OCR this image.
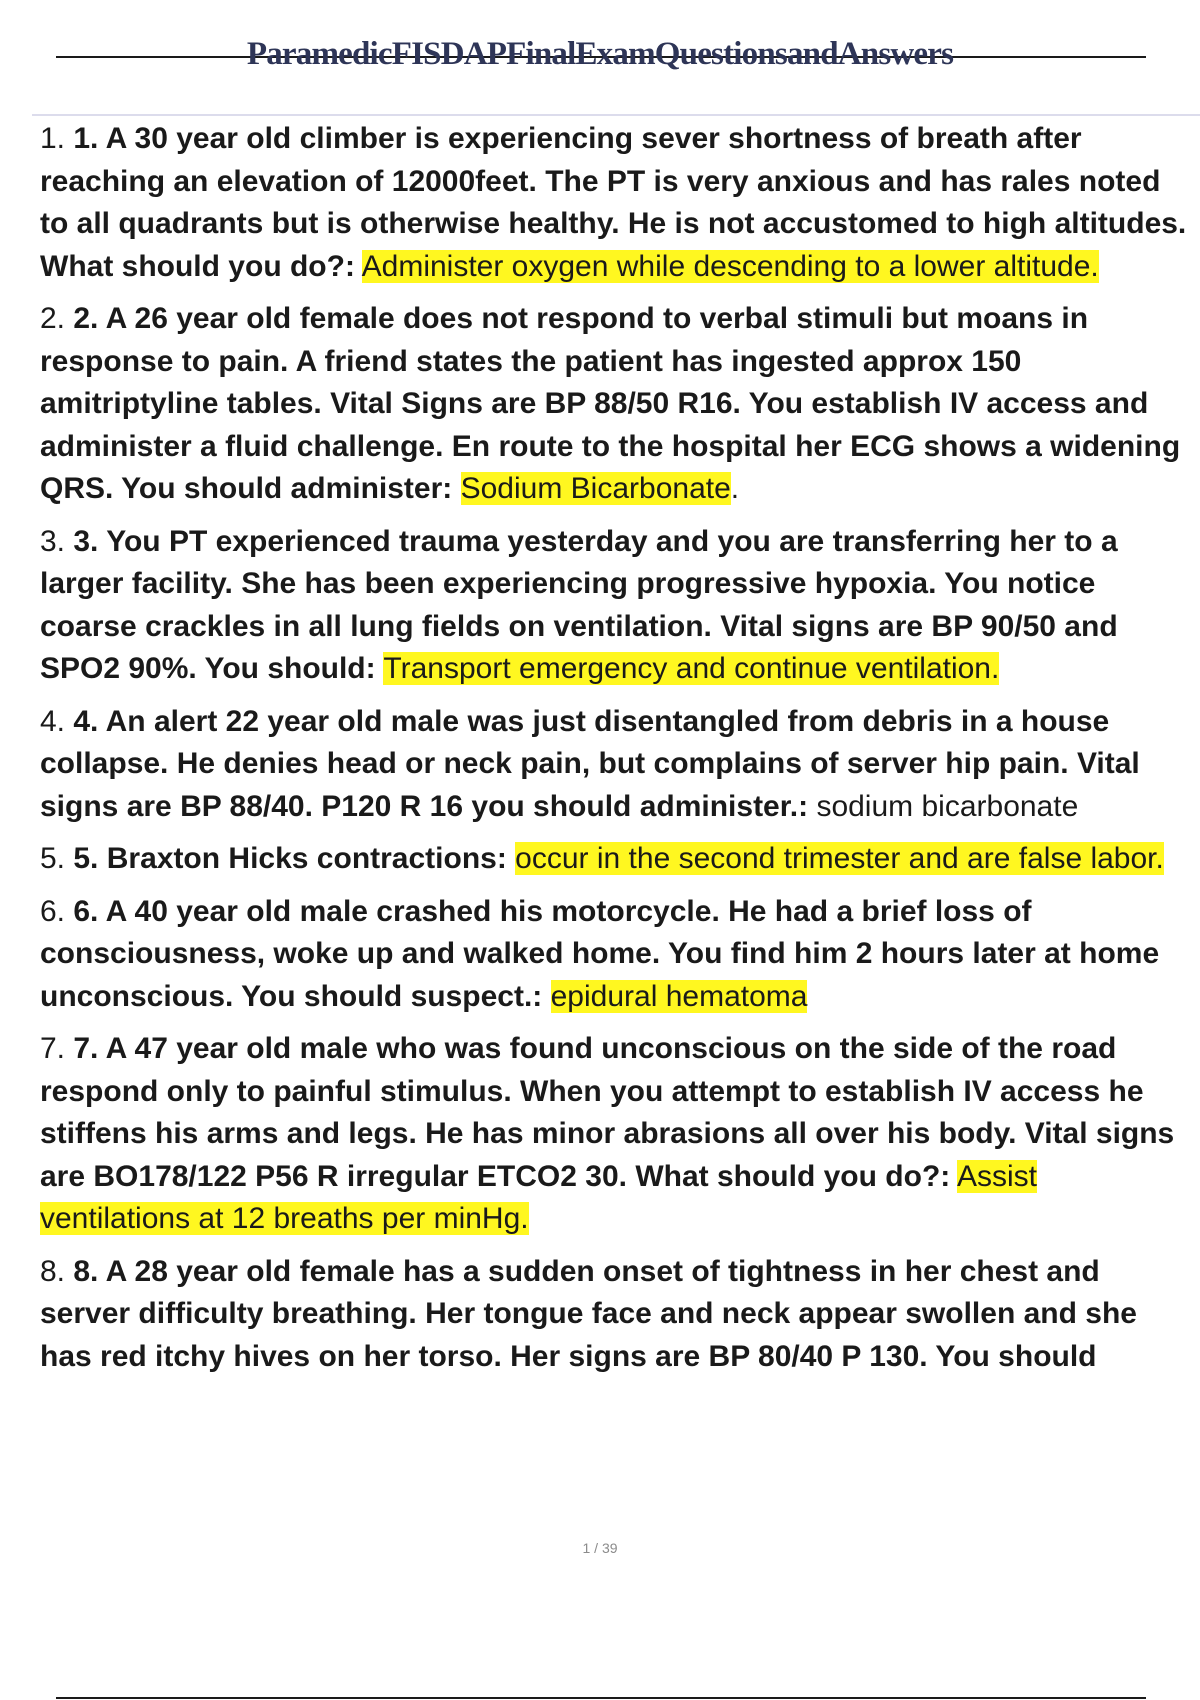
ParamedicFISDAPFinalExamQuestionsandAnswers
1. 1. A 30 year old climber is experiencing sever shortness of breath after reaching an elevation of 12000feet. The PT is very anxious and has rales noted to all quadrants but is otherwise healthy. He is not accustomed to high altitudes. What should you do?: Administer oxygen while descending to a lower altitude.
2. 2. A 26 year old female does not respond to verbal stimuli but moans in response to pain. A friend states the patient has ingested approx 150 amitriptyline tables. Vital Signs are BP 88/50 R16. You establish IV access and administer a fluid challenge. En route to the hospital her ECG shows a widening QRS. You should administer: Sodium Bicarbonate.
3. 3. You PT experienced trauma yesterday and you are transferring her to a larger facility. She has been experiencing progressive hypoxia. You notice coarse crackles in all lung fields on ventilation. Vital signs are BP 90/50 and SPO2 90%. You should: Transport emergency and continue ventilation.
4. 4. An alert 22 year old male was just disentangled from debris in a house collapse. He denies head or neck pain, but complains of server hip pain. Vital signs are BP 88/40. P120 R 16 you should administer.: sodium bicarbonate
5. 5. Braxton Hicks contractions: occur in the second trimester and are false labor.
6. 6. A 40 year old male crashed his motorcycle. He had a brief loss of consciousness, woke up and walked home. You find him 2 hours later at home unconscious. You should suspect.: epidural hematoma
7. 7. A 47 year old male who was found unconscious on the side of the road respond only to painful stimulus. When you attempt to establish IV access he stiffens his arms and legs. He has minor abrasions all over his body. Vital signs are BO178/122 P56 R irregular ETCO2 30. What should you do?: Assist ventilations at 12 breaths per minHg.
8. 8. A 28 year old female has a sudden onset of tightness in her chest and server difficulty breathing. Her tongue face and neck appear swollen and she has red itchy hives on her torso. Her signs are BP 80/40 P 130. You should
1 / 39
